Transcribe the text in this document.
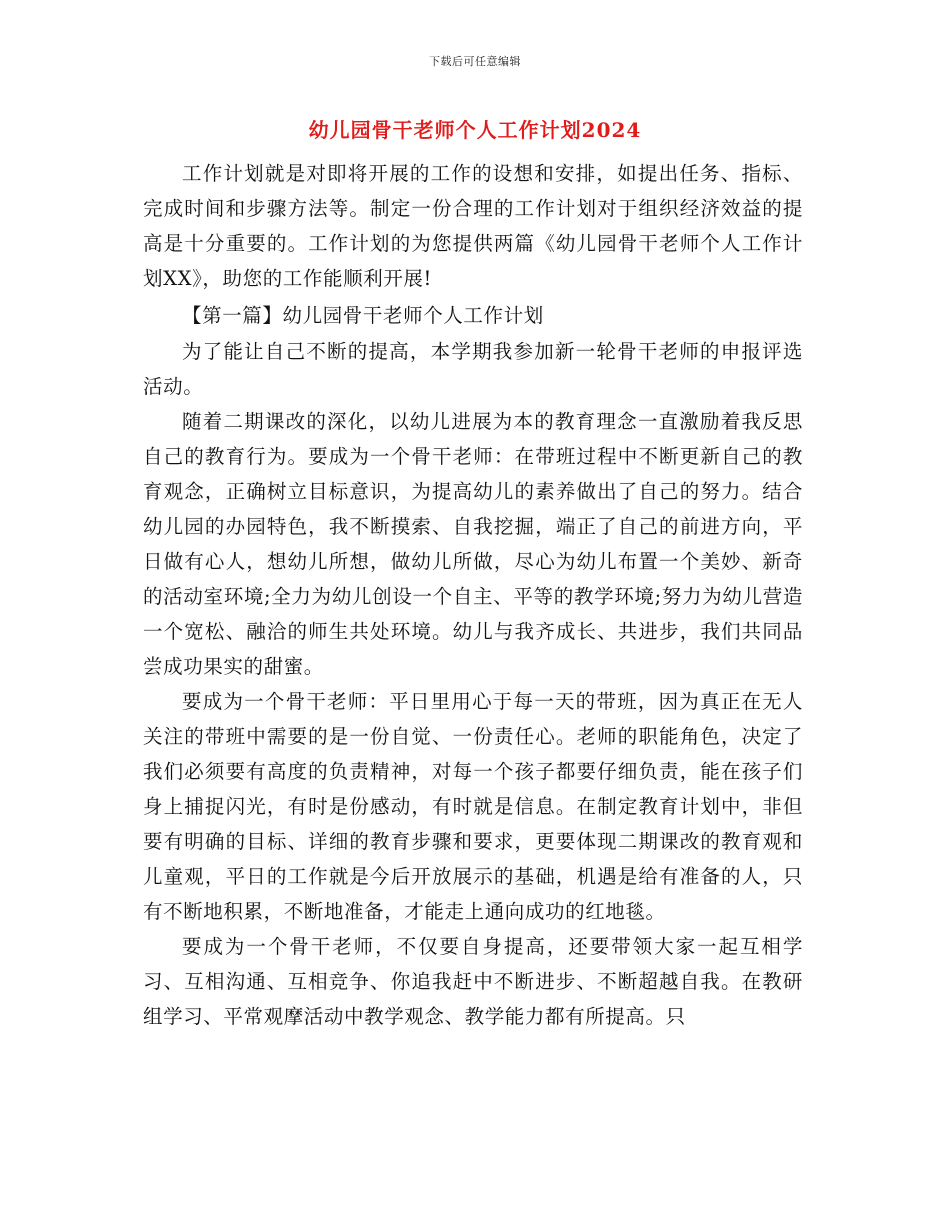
下载后可任意编辑
幼儿园骨干老师个人工作计划2024

工作计划就是对即将开展的工作的设想和安排，如提出任务、指标、完成时间和步骤方法等。制定一份合理的工作计划对于组织经济效益的提高是十分重要的。工作计划的为您提供两篇《幼儿园骨干老师个人工作计划XX》，助您的工作能顺利开展!

【第一篇】幼儿园骨干老师个人工作计划

为了能让自己不断的提高，本学期我参加新一轮骨干老师的申报评选活动。

随着二期课改的深化，以幼儿进展为本的教育理念一直激励着我反思自己的教育行为。要成为一个骨干老师：在带班过程中不断更新自己的教育观念，正确树立目标意识，为提高幼儿的素养做出了自己的努力。结合幼儿园的办园特色，我不断摸索、自我挖掘，端正了自己的前进方向，平日做有心人，想幼儿所想，做幼儿所做，尽心为幼儿布置一个美妙、新奇的活动室环境;全力为幼儿创设一个自主、平等的教学环境;努力为幼儿营造一个宽松、融洽的师生共处环境。幼儿与我齐成长、共进步，我们共同品尝成功果实的甜蜜。

要成为一个骨干老师：平日里用心于每一天的带班，因为真正在无人关注的带班中需要的是一份自觉、一份责任心。老师的职能角色，决定了我们必须要有高度的负责精神，对每一个孩子都要仔细负责，能在孩子们身上捕捉闪光，有时是份感动，有时就是信息。在制定教育计划中，非但要有明确的目标、详细的教育步骤和要求，更要体现二期课改的教育观和儿童观，平日的工作就是今后开放展示的基础，机遇是给有准备的人，只有不断地积累，不断地准备，才能走上通向成功的红地毯。

要成为一个骨干老师，不仅要自身提高，还要带领大家一起互相学习、互相沟通、互相竞争、你追我赶中不断进步、不断超越自我。在教研组学习、平常观摩活动中教学观念、教学能力都有所提高。只
